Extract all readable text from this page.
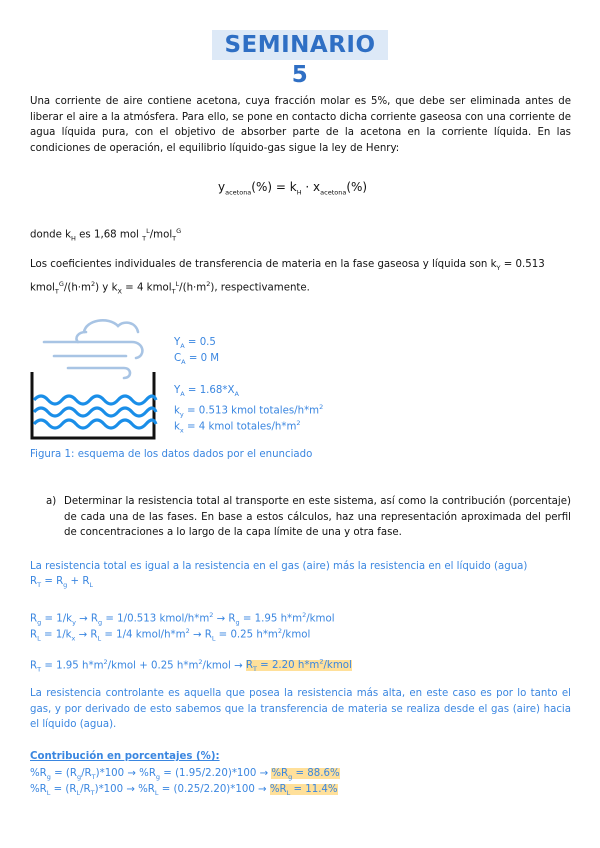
SEMINARIO 5
Una corriente de aire contiene acetona, cuya fracción molar es 5%, que debe ser eliminada antes de liberar el aire a la atmósfera. Para ello, se pone en contacto dicha corriente gaseosa con una corriente de agua líquida pura, con el objetivo de absorber parte de la acetona en la corriente líquida. En las condiciones de operación, el equilibrio líquido-gas sigue la ley de Henry:
$y_{acetona}(\%) = k_H \cdot x_{acetona}(\%)$
donde $k_H$ es 1,68 mol $_T^L$/mol$_T^G$
Los coeficientes individuales de transferencia de materia en la fase gaseosa y líquida son $k_Y = 0.513$
$kmol_T^G/(h\cdot m^2)$ y $k_X = 4$ $kmol_T^L/(h\cdot m^2)$, respectivamente.
$Y_A = 0.5$
$C_A = 0$ M
$Y_A = 1.68*X_A$
$k_y = 0.513$ kmol totales/$h*m^2$
$k_x = 4$ kmol totales/$h*m^2$
Figura 1: esquema de los datos dados por el enunciado
a) Determinar la resistencia total al transporte en este sistema, así como la contribución (porcentaje) de cada una de las fases. En base a estos cálculos, haz una representación aproximada del perfil de concentraciones a lo largo de la capa límite de una y otra fase.
La resistencia total es igual a la resistencia en el gas (aire) más la resistencia en el líquido (agua)
$R_T = R_g + R_L$
$R_g = 1/k_y \to R_g = 1/0.513$ kmol/$h*m^2 \to R_g = 1.95$ $h*m^2$/kmol
$R_L = 1/k_x \to R_L = 1/4$ kmol/$h*m^2 \to R_L = 0.25$ $h*m^2$/kmol
$R_T = 1.95$ $h*m^2$/kmol + 0.25 $h*m^2$/kmol → $R_T = 2.20$ $h*m^2$/kmol
La resistencia controlante es aquella que posea la resistencia más alta, en este caso es por lo tanto el gas, y por derivado de esto sabemos que la transferencia de materia se realiza desde el gas (aire) hacia el líquido (agua).
Contribución en porcentajes (%):
$\%R_g = (R_g/R_T)*100 \to \%R_g = (1.95/2.20)*100 \to \%R_g = 88.6\%$
$\%R_L = (R_L/R_T)*100 \to \%R_L = (0.25/2.20)*100 \to \%R_L = 11.4\%$
